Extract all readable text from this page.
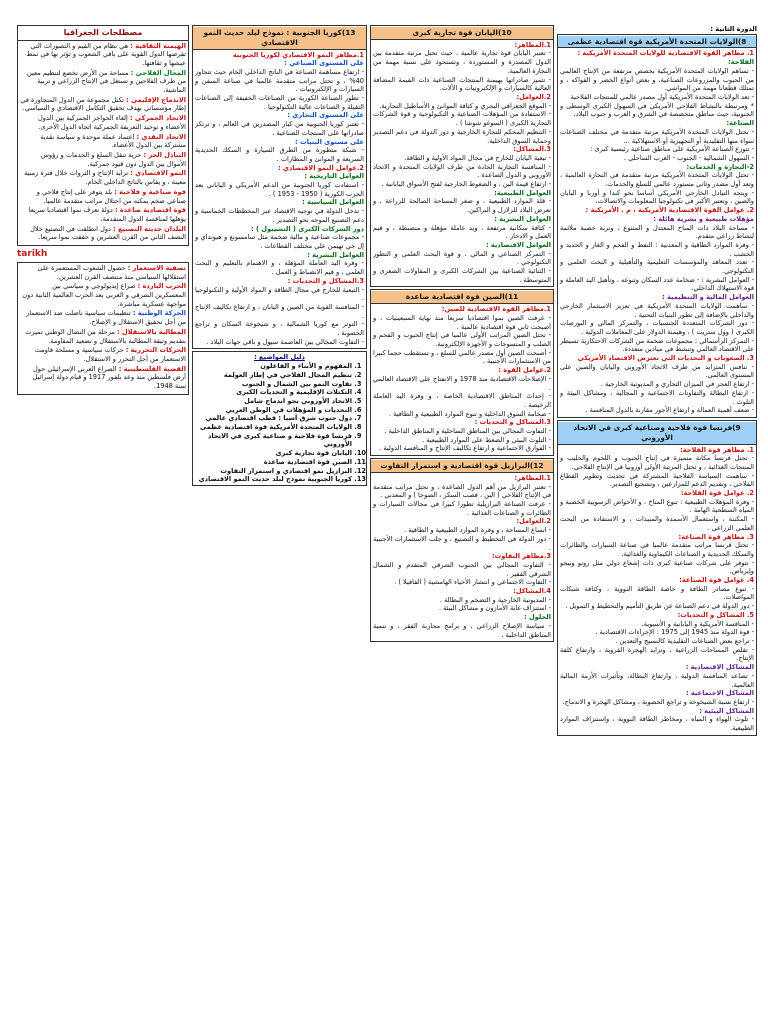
الدورة الثانية :
8)الولايات المتحدة الأمريكية قوة اقتصادية عظمى
1. مظاهر القوة الاقتصادية للولايات المتحدة الأمريكية :
الفلاحة:
- تساهم الولايات المتحدة الأمريكية بحصص مرتفعة من الإنتاج العالمي من الحبوب والمزروعات الصناعية، و بعض أنواع الخضر و الفواكه ، و تمتلك قطعانا مهمة من المواشي.
- تعد الولايات المتحدة الأمريكية أول مصدر عالمي للمنتجات الفلاحية
* ومرتبطة بالنشاط الفلاحي الأمريكي في السهول الكبرى الوسطى و الجنوبية، حيث مناطق متخصصة في الشرق و الغرب و جنوب البلاد.
الصناعة:
- تحتل الولايات المتحدة الأمريكية مرتبة متقدمة في مختلف الصناعات سواء منها التقليدية أو التجهيزية أو الاستهلاكية ...
- تتوزع الصناعة الأمريكية على مناطق صناعية رئيسية كبرى :
- السهول الشمالية - الجنوب - الغرب الساحلي .
2-التجارة و الخدمات:
- تحتل الولايات المتحدة الأمريكية مرتبة متقدمة في التجارة العالمية ، وتعد أول مصدر وثاني مستورد عالمي للسلع والخدمات.
- ويتجه التبادل الخارجي الأمريكي أساسا نحو كندا و أوربا و اليابان والصين ، وتعتبر الأكبر في تكنولوجيا المعلومات والاتصالات.
2. عوامل القوة الاقتصادية الأمريكية ، م . الأمريكية :
مؤهلات طبيعية و بشرية هائلة :
- مساحة البلاد ذات المناخ المعتدل و المتنوع ، وتربة خصبة ملائمة لنشاط زراعي متقدم.
- وفرة الموارد الطاقية و المعدنية : النفط و الفحم و الغاز و الحديد و الخشب .
- تعدد المعاهد والمؤسسات التعليمية والتأهيلية و البحث العلمي و التكنولوجي.
- العوامل البشرية : - ضخامة عدد السكان وتنوعه ، وتأهيل اليد العاملة و قوة الاستهلاك الداخلي.
العوامل المالية و التنظيمية :
- ساهمت الولايات المتحدة الأمريكية في تعزيز الاستثمار الخارجي والداخلي بالإضافة إلى تطور البنيات التحتية .
- دور الشركات المتعددة الجنسيات ، والتمركز المالي و البورصات الكبرى ( وول ستريت ) ، وهيمنة الدولار على المعاملات الدولية .
- التمركز الرأسمالي : مجموعات ضخمة من الشركات الاحتكارية تسيطر على الاقتصاد العالمي وتنشط في ميادين متعددة.
3. الصعوبات و التحديات التي تعترض الاقتصاد الأمريكي
- تنافس المتزايد من طرف الاتحاد الأوروبي واليابان والصين على المستوى العالمي.
- ارتفاع العجز في الميزان التجاري و المديونية الخارجية .
- ارتفاع البطالة والتفاوتات الاجتماعية و المجالية ، ومشاكل البيئة و التلوث .
- ضعف أهمية العمالة و ارتفاع الأجور مقارنة بالدول المنافسة .
9)فرنسا قوة فلاحية وصناعية كبرى في الاتحاد الأوروبي
1. مظاهر قوة الفلاحة:
- تحتل فرنسا مكانة متميزة في إنتاج الحبوب و اللحوم والحليب و المنتجات الغذائية ، و تحتل المرتبة الأولى أوروبيا في الإنتاج الفلاحي.
- ساهمت السياسة الفلاحية المشتركة في تحديث وتطوير القطاع الفلاحي ، وتقديم الدعم للمزارعين ، وتشجيع التصدير.
2. عوامل قوة الفلاحة:
- وفرة المؤهلات الطبيعية : تنوع المناخ ، و الأحواض الرسوبية الخصبة و المياه السطحية الهامة .
- المكننة ، واستعمال الأسمدة والمبيدات ، و الاستفادة من البحث العلمي الزراعي .
3. مظاهر قوة الصناعة:
- تحتل فرنسا مراتب متقدمة عالميا في صناعة السيارات والطائرات والسكك الحديدية و الصناعات الكيماوية والغذائية.
- تتوفر على شركات صناعية كبرى ذات إشعاع دولي مثل رونو وبيجو وإيرباص.
4. عوامل قوة الصناعة:
- تنوع مصادر الطاقة و خاصة الطاقة النووية ، وكثافة شبكات المواصلات.
- دور الدولة في دعم الصناعة عن طريق التأميم والتخطيط و التمويل .
5. المشاكل و التحديات:
- المنافسة الأمريكية و اليابانية و الأسيوية.
- قوة الدولة منذ 1945 إلى 1975 : الإجراءات الاقتصادية .
- تراجع بعض الصناعات التقليدية كالنسيج والتعدين .
- تقلص المساحات الزراعية ، وتزايد الهجرة القروية ، وارتفاع كلفة الإنتاج.
المشاكل الاقتصادية :
- تصاعد المنافسة الدولية ، وارتفاع البطالة، وتأثيرات الأزمة المالية العالمية.
المشاكل الاجتماعية :
- ارتفاع نسبة الشيخوخة و تراجع الخصوبة ، ومشاكل الهجرة و الاندماج.
المشاكل البيئية :
- تلوث الهواء و المياه ، ومخاطر الطاقة النووية ، واستنزاف الموارد الطبيعية.
10)اليابان قوة تجارية كبرى
1.المظاهر:
- تعتبر اليابان قوة تجارية عالمية ، حيث تحتل مرتبة متقدمة بين الدول المصدرة و المستوردة ، وتستحوذ على نسبة مهمة من التجارة العالمية.
- تتميز صادراتها بهيمنة المنتجات الصناعية ذات القيمة المضافة العالية كالسيارات و الإلكترونيات و الآلات.
2.العوامل:
- الموقع الجغرافي البحري و كثافة الموانئ و الأساطيل التجارية.
- الاستفادة من المؤهلات الصناعية و التكنولوجية و قوة الشركات التجارية الكبرى ( السوغو شوشا ) .
- التنظيم المحكم للتجارة الخارجية و دور الدولة في دعم التصدير وحماية السوق الداخلية.
3.المشاكل:
- تبعية اليابان للخارج في مجال المواد الأولية و الطاقة.
- المنافسة التجارية الحادة من طرف الولايات المتحدة و الاتحاد الأوروبي و الدول الصاعدة .
- ارتفاع قيمة الين ، و الضغوط الخارجية لفتح الأسواق اليابانية .
العوامل الطبيعية:
- قلة الموارد الطبيعية ، و صغر المساحة الصالحة للزراعة ، و تعرض البلاد للزلازل و البراكين.
العوامل البشرية :
- كثافة سكانية مرتفعة ، ويد عاملة مؤهلة و منضبطة ، و قيم العمل و الادخار .
العوامل الاقتصادية :
- التمركز الصناعي و المالي ، و قوة البحث العلمي و التطور التكنولوجي .
- الثنائية الصناعية بين الشركات الكبرى و المقاولات الصغرى و المتوسطة .
11)الصين قوة اقتصادية صاعدة
1.مظاهر القوة الاقتصادية للصين:
- عرفت الصين نموا اقتصاديا سريعا منذ نهاية السبعينيات ، و أصبحت ثاني قوة اقتصادية عالمية .
- تحتل الصين المراتب الأولى عالميا في إنتاج الحبوب و الفحم و الصلب و المنسوجات و الأجهزة الإلكترونية.
- أصبحت الصين أول مصدر عالمي للسلع ، و تستقطب حجما كبيرا من الاستثمارات الأجنبية .
2.عوامل القوة :
- الإصلاحات الاقتصادية منذ 1978 و الانفتاح على الاقتصاد العالمي .
- إحداث المناطق الاقتصادية الخاصة ، و وفرة اليد العاملة الرخيصة .
- ضخامة السوق الداخلية و تنوع الموارد الطبيعية و الطاقية .
3.المشاكل و التحديات :
- التفاوت المجالي بين المناطق الساحلية و المناطق الداخلية .
- التلوث البيئي و الضغط على الموارد الطبيعية .
- الفوارق الاجتماعية و ارتفاع تكاليف الإنتاج و المنافسة الدولية .
12)البرازيل قوة اقتصادية و استمرار التفاوت
1.المظاهر:
- تعتبر البرازيل من أهم الدول الصاعدة ، و تحتل مراتب متقدمة في الإنتاج الفلاحي ( البن ، قصب السكر ، الصوجا ) و المعدني .
- عرفت الصناعة البرازيلية تطورا كبيرا في مجالات السيارات و الطائرات و الصناعات الغذائية .
2.العوامل:
- اتساع المساحة ، و وفرة الموارد الطبيعية و الطاقية .
- دور الدولة في التخطيط و التصنيع ، و جلب الاستثمارات الأجنبية .
3.مظاهر التفاوت:
- التفاوت المجالي بين الجنوب الشرقي المتقدم و الشمال الشرقي الفقير .
- التفاوت الاجتماعي و انتشار الأحياء الهامشية ( الفافيلا ) .
4.المشاكل:
- المديونية الخارجية و التضخم و البطالة .
- استنزاف غابة الأمازون و مشاكل البيئة .
الحلول :
- سياسة الإصلاح الزراعي ، و برامج محاربة الفقر ، و تنمية المناطق الداخلية .
13)كوريا الجنوبية : نموذج لبلد حديث النمو الاقتصادي
1.مظاهر النمو الاقتصادي لكوريا الجنوبية
على المستوى الصناعي :
- ارتفاع مساهمة الصناعة في الناتج الداخلي الخام حيث تتجاوز 40% ، و تحتل مراتب متقدمة عالميا في صناعة السفن و السيارات و الإلكترونيات .
- تطور الصناعة الكورية من الصناعات الخفيفة إلى الصناعات الثقيلة و الصناعات عالية التكنولوجيا .
على المستوى التجاري :
- تعتبر كوريا الجنوبية من كبار المصدرين في العالم ، و ترتكز صادراتها على المنتجات الصناعية .
على مستوى البنيات :
- شبكة متطورة من الطرق السيارة و السكك الحديدية السريعة و الموانئ و المطارات .
2.عوامل النمو الاقتصادي :
العوامل التاريخية :
- استفادت كوريا الجنوبية من الدعم الأمريكي و الياباني بعد الحرب الكورية ( 1950 - 1953 ) .
العوامل السياسية :
- تدخل الدولة في توجيه الاقتصاد عبر المخططات الخماسية و دعم التصنيع الموجه نحو التصدير .
دور الشركات الكبرى ( التشيبول ) :
- مجموعات صناعية و مالية ضخمة مثل سامسونغ و هيونداي و إل جي تهيمن على مختلف القطاعات .
العوامل البشرية :
- وفرة اليد العاملة المؤهلة ، و الاهتمام بالتعليم و البحث العلمي ، و قيم الانضباط و العمل .
3.المشاكل و التحديات :
- التبعية للخارج في مجال الطاقة و المواد الأولية و التكنولوجيا .
- المنافسة القوية من الصين و اليابان ، و ارتفاع تكاليف الإنتاج .
- التوتر مع كوريا الشمالية ، و شيخوخة السكان و تراجع الخصوبة .
- التفاوت المجالي بين العاصمة سيول و باقي جهات البلاد .
دليل المواضيع :
1. المفهوم و الأبناء و الفاعلون
2. تنظيم المجال الفلاحي في إطار العولمة
3. تفاوت النمو بين الشمال و الجنوب
4. التكتلات الإقليمية و التحديات الكبرى
5. الاتحاد الأوروبي نحو اندماج شامل
6. التحديات و المؤهلات في الوطن العربي
7. دول جنوب شرق آسيا : قطب اقتصادي عالمي
8. الولايات المتحدة الأمريكية قوة اقتصادية عظمى
9. فرنسا قوة فلاحية و صناعية كبرى في الاتحاد الأوروبي
10. اليابان قوة تجارية كبرى
11. الصين قوة اقتصادية صاعدة
12. البرازيل نمو اقتصادي و استمرار التفاوت
13. كوريا الجنوبية نموذج لبلد حديث النمو الاقتصادي
مصطلحات الجغرافيا
الهيمنة الثقافية : هي نظام من القيم و التصورات التي تفرضها الدول القوية على باقي الشعوب و تؤثر بها في نمط عيشها و ثقافتها.
المجال الفلاحي : مساحة من الأرض تخضع لتنظيم معين من طرف الفلاحين و تستغل في الإنتاج الزراعي و تربية الماشية.
الاندماج الإقليمي : تكتل مجموعة من الدول المتجاورة في إطار مؤسساتي بهدف تحقيق التكامل الاقتصادي و السياسي.
الاتحاد الجمركي : إلغاء الحواجز الجمركية بين الدول الأعضاء و توحيد التعريفة الجمركية اتجاه الدول الأخرى.
الاتحاد النقدي : اعتماد عملة موحدة و سياسة نقدية مشتركة بين الدول الأعضاء.
التبادل الحر : حرية تنقل السلع و الخدمات و رؤوس الأموال بين الدول دون قيود جمركية.
النمو الاقتصادي : تزايد الإنتاج و الثروات خلال فترة زمنية معينة ، و يقاس بالناتج الداخلي الخام.
قوة صناعية و فلاحية : بلد يتوفر على إنتاج فلاحي و صناعي ضخم يمكنه من احتلال مراتب متقدمة عالميا.
قوة اقتصادية صاعدة : دولة تعرف نموا اقتصاديا سريعا يؤهلها لمنافسة الدول المتقدمة.
البلدان حديثة التصنيع : دول انطلقت في التصنيع خلال النصف الثاني من القرن العشرين و حققت نموا سريعا.
tarikh
تصفية الاستعمار : حصول الشعوب المستعمرة على استقلالها السياسي منذ منتصف القرن العشرين.
الحرب الباردة : صراع إيديولوجي و سياسي بين المعسكرين الشرقي و الغربي بعد الحرب العالمية الثانية دون مواجهة عسكرية مباشرة.
الحركة الوطنية : تنظيمات سياسية ناضلت ضد الاستعمار من أجل تحقيق الاستقلال و الإصلاح.
المطالبة بالاستقلال : مرحلة من النضال الوطني تميزت بتقديم وثيقة المطالبة بالاستقلال و تصعيد المقاومة.
الحركات التحررية : حركات سياسية و مسلحة قاومت الاستعمار من أجل التحرر و الاستقلال.
القضية الفلسطينية : الصراع العربي الإسرائيلي حول أرض فلسطين منذ وعد بلفور 1917 و قيام دولة إسرائيل سنة 1948.
